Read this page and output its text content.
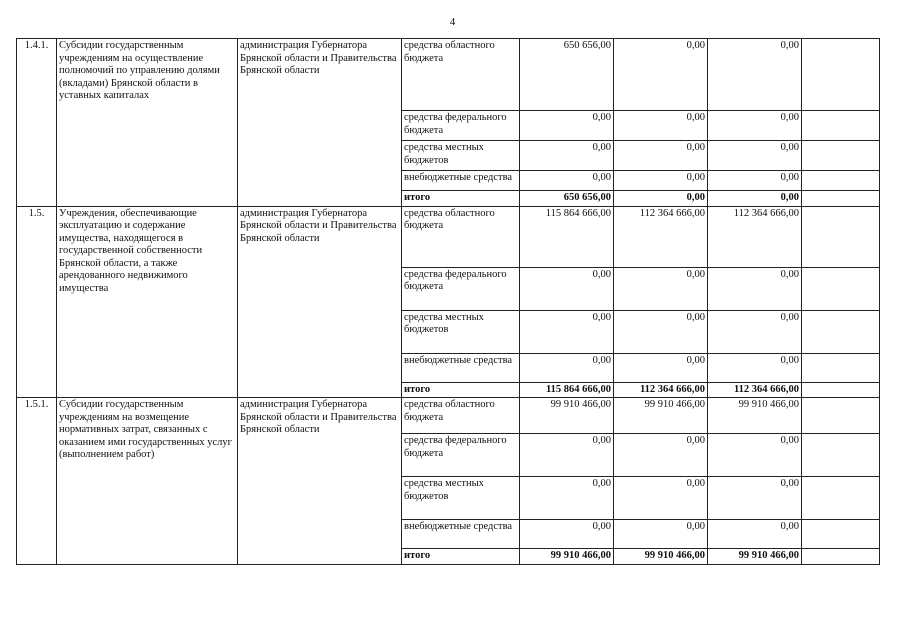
4
1.4.1.	Субсидии государственным учреждениям на осуществление полномочий по управлению долями (вкладами) Брянской области в уставных капиталах	администрация Губернатора Брянской области и Правительства Брянской области	средства областного бюджета	650 656,00	0,00	0,00	
			средства федерального бюджета	0,00	0,00	0,00	
			средства местных бюджетов	0,00	0,00	0,00	
			внебюджетные средства	0,00	0,00	0,00	
			итого	650 656,00	0,00	0,00	
1.5.	Учреждения, обеспечивающие эксплуатацию и содержание имущества, находящегося в государственной собственности Брянской области, а также арендованного недвижимого имущества	администрация Губернатора Брянской области и Правительства Брянской области	средства областного бюджета	115 864 666,00	112 364 666,00	112 364 666,00	
			средства федерального бюджета	0,00	0,00	0,00	
			средства местных бюджетов	0,00	0,00	0,00	
			внебюджетные средства	0,00	0,00	0,00	
			итого	115 864 666,00	112 364 666,00	112 364 666,00	
1.5.1.	Субсидии государственным учреждениям на возмещение нормативных затрат, связанных с оказанием ими государственных услуг (выполнением работ)	администрация Губернатора Брянской области и Правительства Брянской области	средства областного бюджета	99 910 466,00	99 910 466,00	99 910 466,00	
			средства федерального бюджета	0,00	0,00	0,00	
			средства местных бюджетов	0,00	0,00	0,00	
			внебюджетные средства	0,00	0,00	0,00	
			итого	99 910 466,00	99 910 466,00	99 910 466,00	
